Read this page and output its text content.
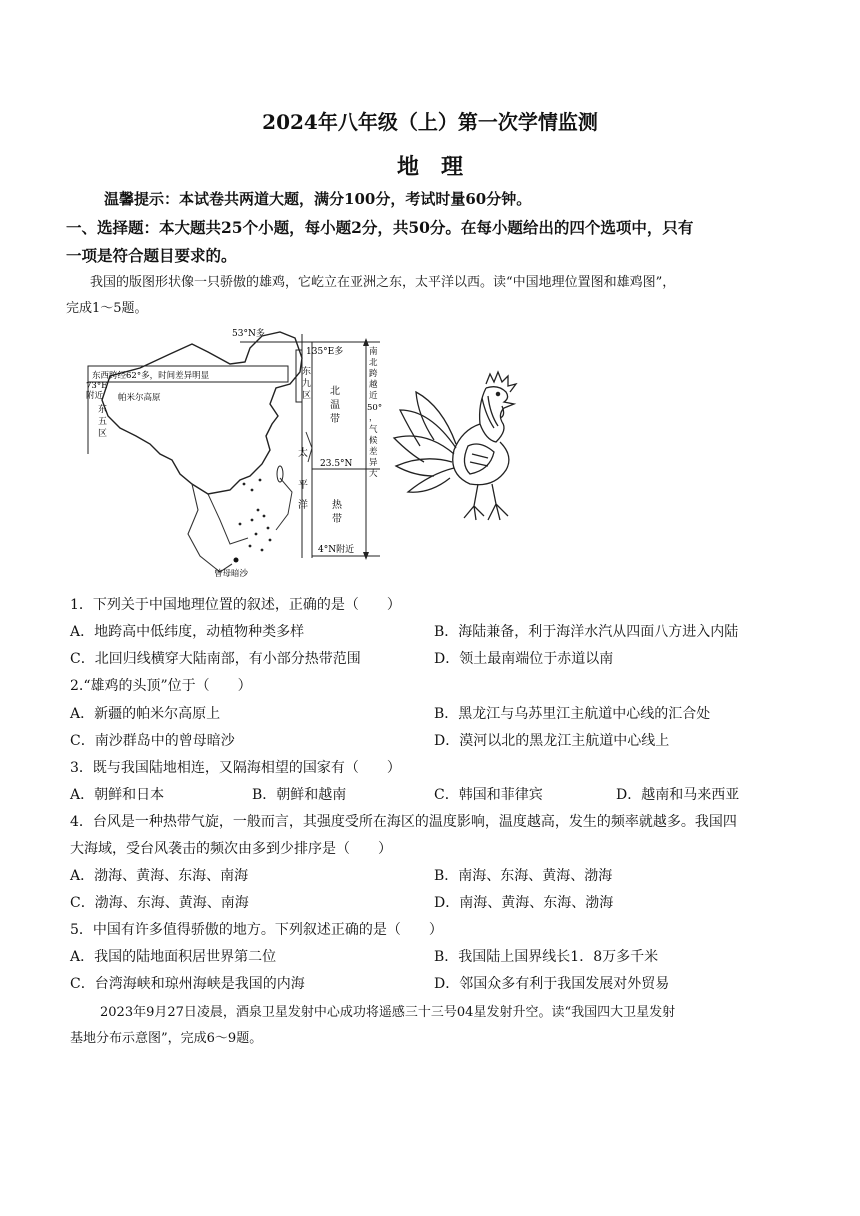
2024年八年级（上）第一次学情监测
地　理
温馨提示：本试卷共两道大题，满分100分，考试时量60分钟。
一、选择题：本大题共25个小题，每小题2分，共50分。在每小题给出的四个选项中，只有
一项是符合题目要求的。
我国的版图形状像一只骄傲的雄鸡，它屹立在亚洲之东，太平洋以西。读“中国地理位置图和雄鸡图”，
完成1～5题。
53°N多
135°E多
东西跨经62°多，时间差异明显
73°E
附近 帕米尔高原
东
五
区
东
九
区 北
温
带
南
北
跨
越
近
50°
，
气
候
差
异
大
23.5°N
太
平
洋 热
带
4°N附近
曾母暗沙
1．下列关于中国地理位置的叙述，正确的是（　　）
A．地跨高中低纬度，动植物种类多样	B．海陆兼备，利于海洋水汽从四面八方进入内陆
C．北回归线横穿大陆南部，有小部分热带范围	D．领土最南端位于赤道以南
2.“雄鸡的头顶”位于（　　）
A．新疆的帕米尔高原上	B．黑龙江与乌苏里江主航道中心线的汇合处
C．南沙群岛中的曾母暗沙	D．漠河以北的黑龙江主航道中心线上
3．既与我国陆地相连，又隔海相望的国家有（　　）
A．朝鲜和日本	B．朝鲜和越南	C．韩国和菲律宾	D．越南和马来西亚
4．台风是一种热带气旋，一般而言，其强度受所在海区的温度影响，温度越高，发生的频率就越多。我国四
大海域，受台风袭击的频次由多到少排序是（　　）
A．渤海、黄海、东海、南海	B．南海、东海、黄海、渤海
C．渤海、东海、黄海、南海	D．南海、黄海、东海、渤海
5．中国有许多值得骄傲的地方。下列叙述正确的是（　　）
A．我国的陆地面积居世界第二位	B．我国陆上国界线长1．8万多千米
C．台湾海峡和琼州海峡是我国的内海	D．邻国众多有利于我国发展对外贸易
2023年9月27日凌晨，酒泉卫星发射中心成功将遥感三十三号04星发射升空。读“我国四大卫星发射
基地分布示意图”，完成6～9题。
